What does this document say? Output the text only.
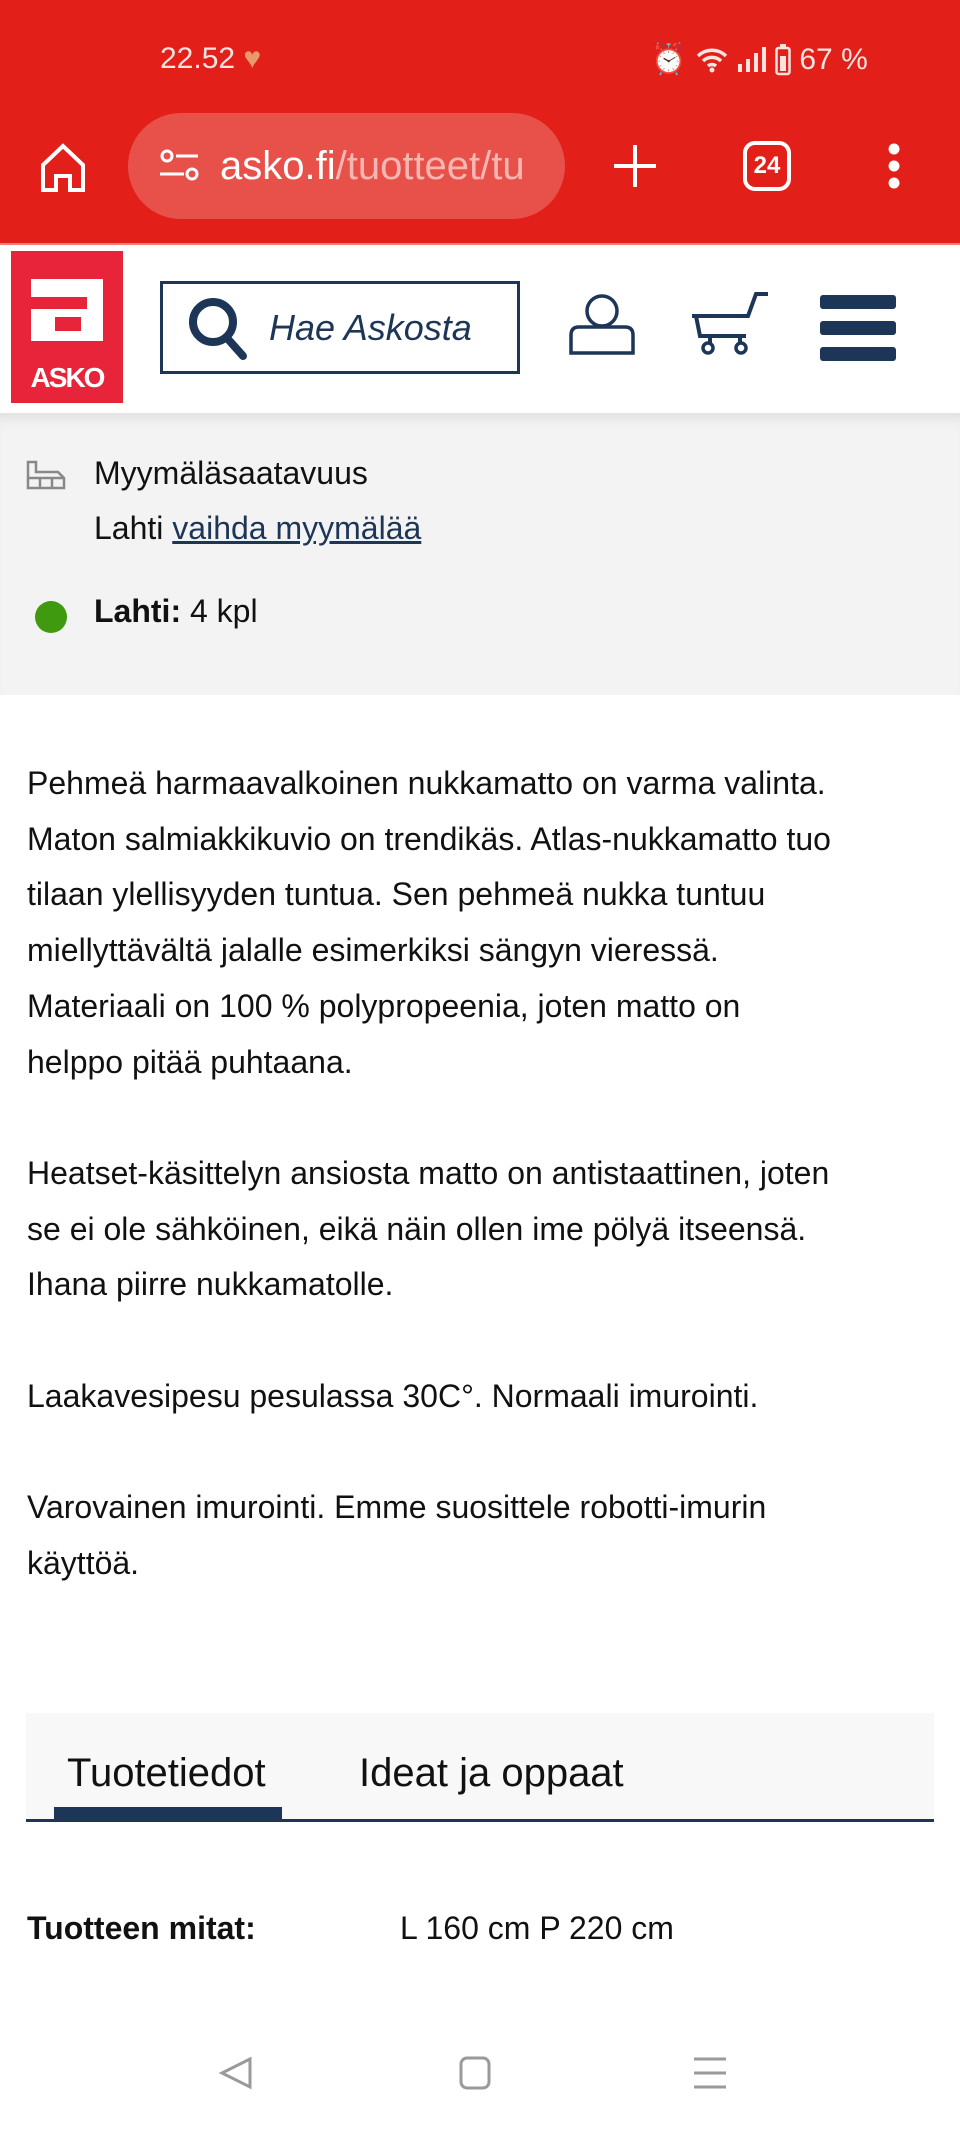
22.52 ♥	⏰	67 %
asko.fi /tuotteet/tu	24
ASKO
Hae Askosta
Myymäläsaatavuus
Lahti vaihda myymälää
Lahti: 4 kpl

Pehmeä harmaavalkoinen nukkamatto on varma valinta.
Maton salmiakkikuvio on trendikäs. Atlas-nukkamatto tuo
tilaan ylellisyyden tuntua. Sen pehmeä nukka tuntuu
miellyttävältä jalalle esimerkiksi sängyn vieressä.
Materiaali on 100 % polypropeenia, joten matto on
helppo pitää puhtaana.

Heatset-käsittelyn ansiosta matto on antistaattinen, joten
se ei ole sähköinen, eikä näin ollen ime pölyä itseensä.
Ihana piirre nukkamatolle.

Laakavesipesu pesulassa 30C°. Normaali imurointi.

Varovainen imurointi. Emme suosittele robotti-imurin
käyttöä.

Tuotetiedot Ideat ja oppaat
Tuotteen mitat:	L 160 cm P 220 cm
